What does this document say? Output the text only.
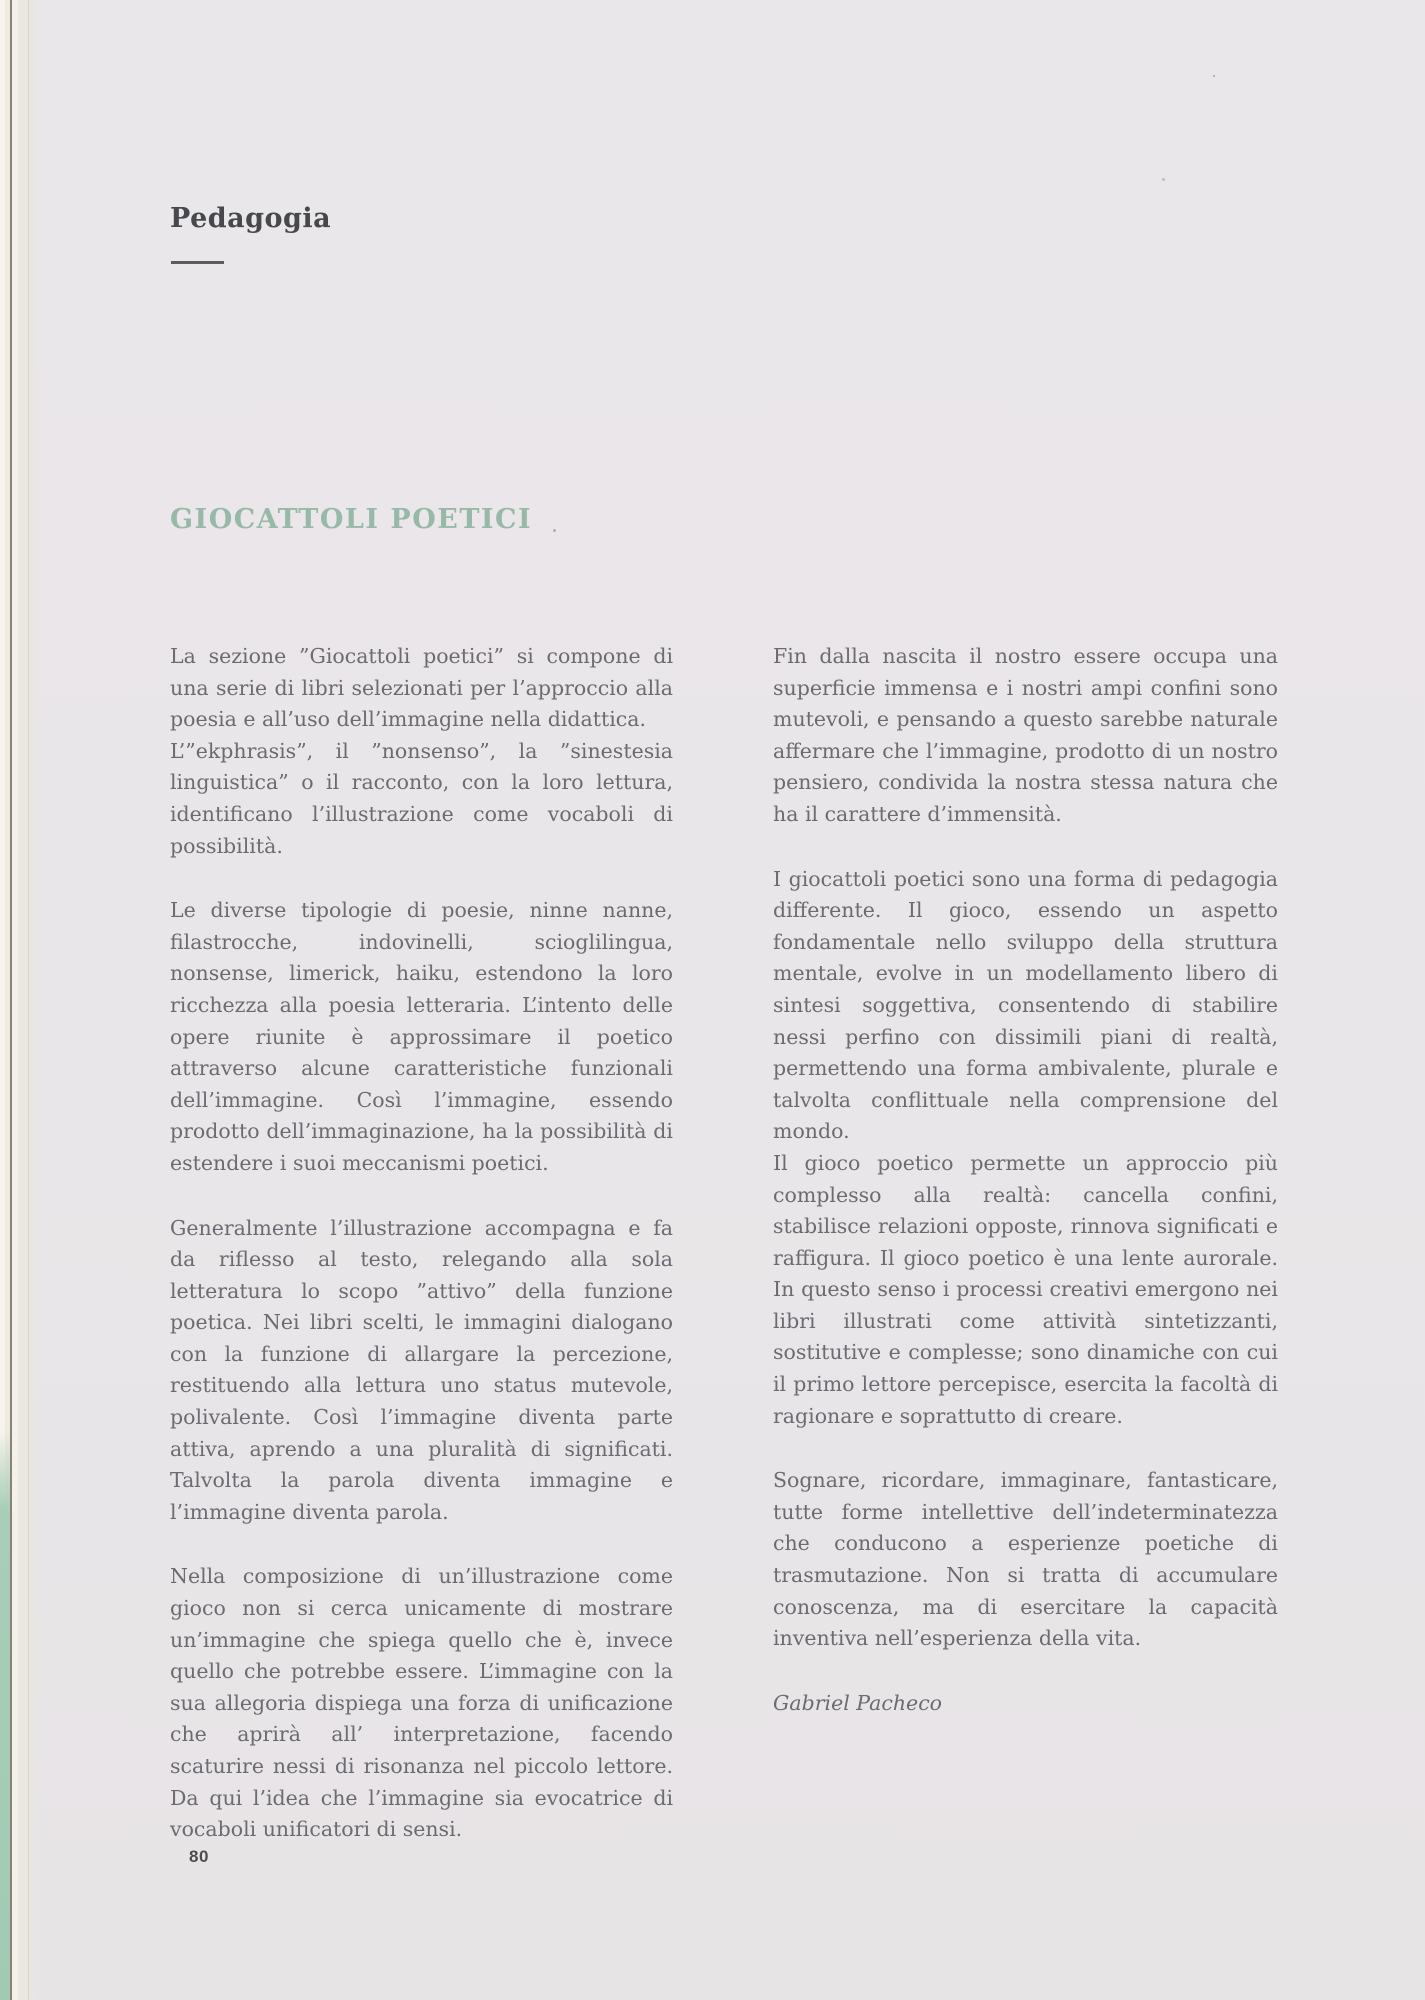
Pedagogia
GIOCATTOLI POETICI

La sezione ”Giocattoli poetici” si compone di una serie di libri selezionati per l’approccio alla poesia e all’uso dell’immagine nella didattica.

L’”ekphrasis”, il ”nonsenso”, la ”sinestesia linguistica” o il racconto, con la loro lettura, identificano l’illustrazione come vocaboli di possibilità.

Le diverse tipologie di poesie, ninne nanne, filastrocche, indovinelli, scioglilingua, nonsense, limerick, haiku, estendono la loro ricchezza alla poesia letteraria. L’intento delle opere riunite è approssimare il poetico attraverso alcune caratteristiche funzionali dell’immagine. Così l’immagine, essendo prodotto dell’immaginazione, ha la possibilità di estendere i suoi meccanismi poetici.

Generalmente l’illustrazione accompagna e fa da riflesso al testo, relegando alla sola letteratura lo scopo ”attivo” della funzione poetica. Nei libri scelti, le immagini dialogano con la funzione di allargare la percezione, restituendo alla lettura uno status mutevole, polivalente. Così l’immagine diventa parte attiva, aprendo a una pluralità di significati. Talvolta la parola diventa immagine e l’immagine diventa parola.

Nella composizione di un’illustrazione come gioco non si cerca unicamente di mostrare un’immagine che spiega quello che è, invece quello che potrebbe essere. L’immagine con la sua allegoria dispiega una forza di unificazione che aprirà all’ interpretazione, facendo scaturire nessi di risonanza nel piccolo lettore. Da qui l’idea che l’immagine sia evocatrice di vocaboli unificatori di sensi.

Fin dalla nascita il nostro essere occupa una superficie immensa e i nostri ampi confini sono mutevoli, e pensando a questo sarebbe naturale affermare che l’immagine, prodotto di un nostro pensiero, condivida la nostra stessa natura che ha il carattere d’immensità.

I giocattoli poetici sono una forma di pedagogia differente. Il gioco, essendo un aspetto fondamentale nello sviluppo della struttura mentale, evolve in un modellamento libero di sintesi soggettiva, consentendo di stabilire nessi perfino con dissimili piani di realtà, permettendo una forma ambivalente, plurale e talvolta conflittuale nella comprensione del mondo.

Il gioco poetico permette un approccio più complesso alla realtà: cancella confini, stabilisce relazioni opposte, rinnova significati e raffigura. Il gioco poetico è una lente aurorale. In questo senso i processi creativi emergono nei libri illustrati come attività sintetizzanti, sostitutive e complesse; sono dinamiche con cui il primo lettore percepisce, esercita la facoltà di ragionare e soprattutto di creare.

Sognare, ricordare, immaginare, fantasticare, tutte forme intellettive dell’indeterminatezza che conducono a esperienze poetiche di trasmutazione. Non si tratta di accumulare conoscenza, ma di esercitare la capacità inventiva nell’esperienza della vita.

Gabriel Pacheco
80
